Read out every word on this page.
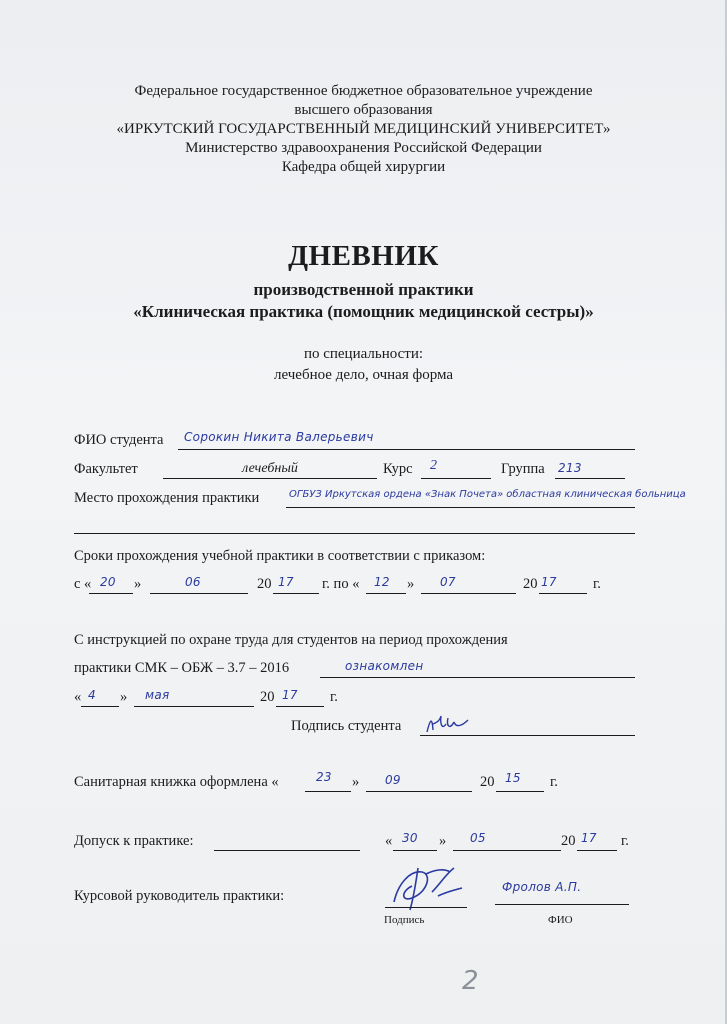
Федеральное государственное бюджетное образовательное учреждение
высшего образования
«ИРКУТСКИЙ ГОСУДАРСТВЕННЫЙ МЕДИЦИНСКИЙ УНИВЕРСИТЕТ»
Министерство здравоохранения Российской Федерации
Кафедра общей хирургии
ДНЕВНИК
производственной практики
«Клиническая практика (помощник медицинской сестры)»
по специальности:
лечебное дело, очная форма
ФИО студента Сорокин Никита Валерьевич
Факультет	лечебный	Курс 2	Группа 213
Место прохождения практики	ОГБУЗ Иркутская ордена «Знак Почета» областная клиническая больница
Сроки прохождения учебной практики в соответствии с приказом:
с « 20 »	06	20 17 г. по « 12 » 07	20 17 г.
С инструкцией по охране труда для студентов на период прохождения
практики СМК – ОБЖ – 3.7 – 2016	ознакомлен
« 4 » мая	20 17 г.
Подпись студента
Санитарная книжка оформлена «	23 » 09	20 15 г.
Допуск к практике:	« 30 » 05	20 17 г.
Курсовой руководитель практики:
Фролов А.П.
Подпись	ФИО
2
